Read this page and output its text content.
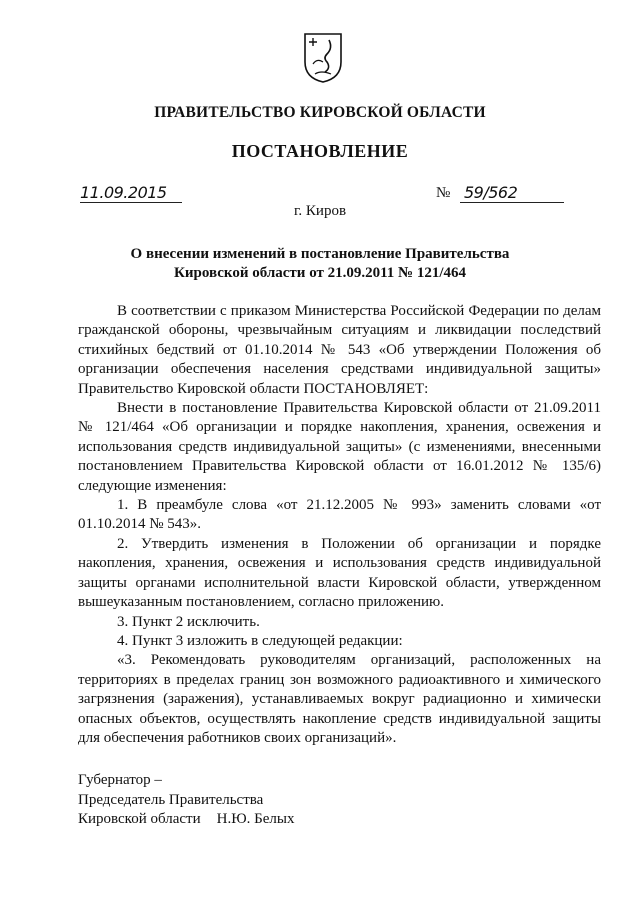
ПРАВИТЕЛЬСТВО КИРОВСКОЙ ОБЛАСТИ
ПОСТАНОВЛЕНИЕ
11.09.2015	№ 59/562
г. Киров
О внесении изменений в постановление Правительства
Кировской области от 21.09.2011 № 121/464

В соответствии с приказом Министерства Российской Федерации по делам гражданской обороны, чрезвычайным ситуациям и ликвидации последствий стихийных бедствий от 01.10.2014 № 543 «Об утверждении Положения об организации обеспечения населения средствами индивидуальной защиты» Правительство Кировской области ПОСТАНОВЛЯЕТ:

Внести в постановление Правительства Кировской области от 21.09.2011 № 121/464 «Об организации и порядке накопления, хранения, освежения и использования средств индивидуальной защиты» (с изменениями, внесенными постановлением Правительства Кировской области от 16.01.2012 № 135/6) следующие изменения:

1. В преамбуле слова «от 21.12.2005 № 993» заменить словами «от 01.10.2014 № 543».

2. Утвердить изменения в Положении об организации и порядке накопления, хранения, освежения и использования средств индивидуальной защиты органами исполнительной власти Кировской области, утвержденном вышеуказанным постановлением, согласно приложению.

3. Пункт 2 исключить.

4. Пункт 3 изложить в следующей редакции:

«3. Рекомендовать руководителям организаций, расположенных на территориях в пределах границ зон возможного радиоактивного и химического загрязнения (заражения), устанавливаемых вокруг радиационно и химически опасных объектов, осуществлять накопление средств индивидуальной защиты для обеспечения работников своих организаций».

Губернатор –
Председатель Правительства
Кировской области Н.Ю. Белых
